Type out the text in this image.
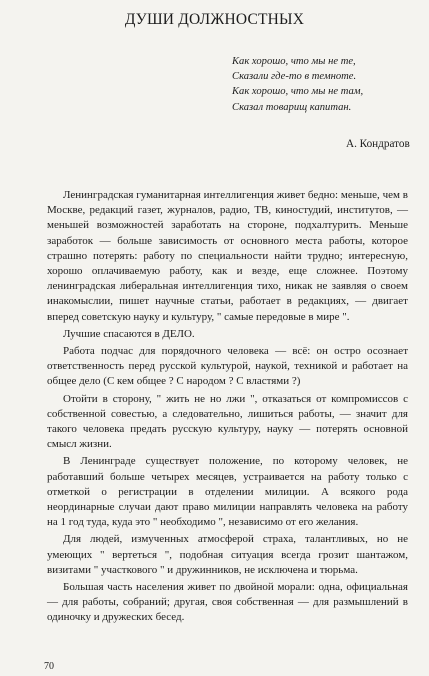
ДУШИ ДОЛЖНОСТНЫХ
Как хорошо, что мы не те,
Сказали где-то в темноте.
Как хорошо, что мы не там,
Сказал товарищ капитан.
А. Кондратов

Ленинградская гуманитарная интеллигенция живет бедно: меньше, чем в Москве, редакций газет, журналов, радио, ТВ, киностудий, институтов, — меньшей возможностей заработать на стороне, подхалтурить. Меньше заработок — больше зависимость от основного места работы, которое страшно потерять: работу по специальности найти трудно; интересную, хорошо оплачиваемую работу, как и везде, еще сложнее. Поэтому ленинградская либеральная интеллигенция тихо, никак не заявляя о своем инакомыслии, пишет научные статьи, работает в редакциях, — двигает вперед советскую науку и культуру, " самые передовые в мире ".

Лучшие спасаются в ДЕЛО.

Работа подчас для порядочного человека — всё: он остро осознает ответственность перед русской культурой, наукой, техникой и работает на общее дело (С кем общее ? С народом ? С властями ?)

Отойти в сторону, " жить не но лжи ", отказаться от компромиссов с собственной совестью, а следовательно, лишиться работы, — значит для такого человека предать русскую культуру, науку — потерять основной смысл жизни.

В Ленинграде существует положение, по которому человек, не работавший больше четырех месяцев, устраивается на работу только с отметкой о регистрации в отделении милиции. А всякого рода неординарные случаи дают право милиции направлять человека на работу на 1 год туда, куда это " необходимо ", независимо от его желания.

Для людей, измученных атмосферой страха, талантливых, но не умеющих " вертеться ", подобная ситуация всегда грозит шантажом, визитами " участкового " и дружинников, не исключена и тюрьма.

Большая часть населения живет по двойной морали: одна, официальная — для работы, собраний; другая, своя собственная — для размышлений в одиночку и дружеских бесед.

70
